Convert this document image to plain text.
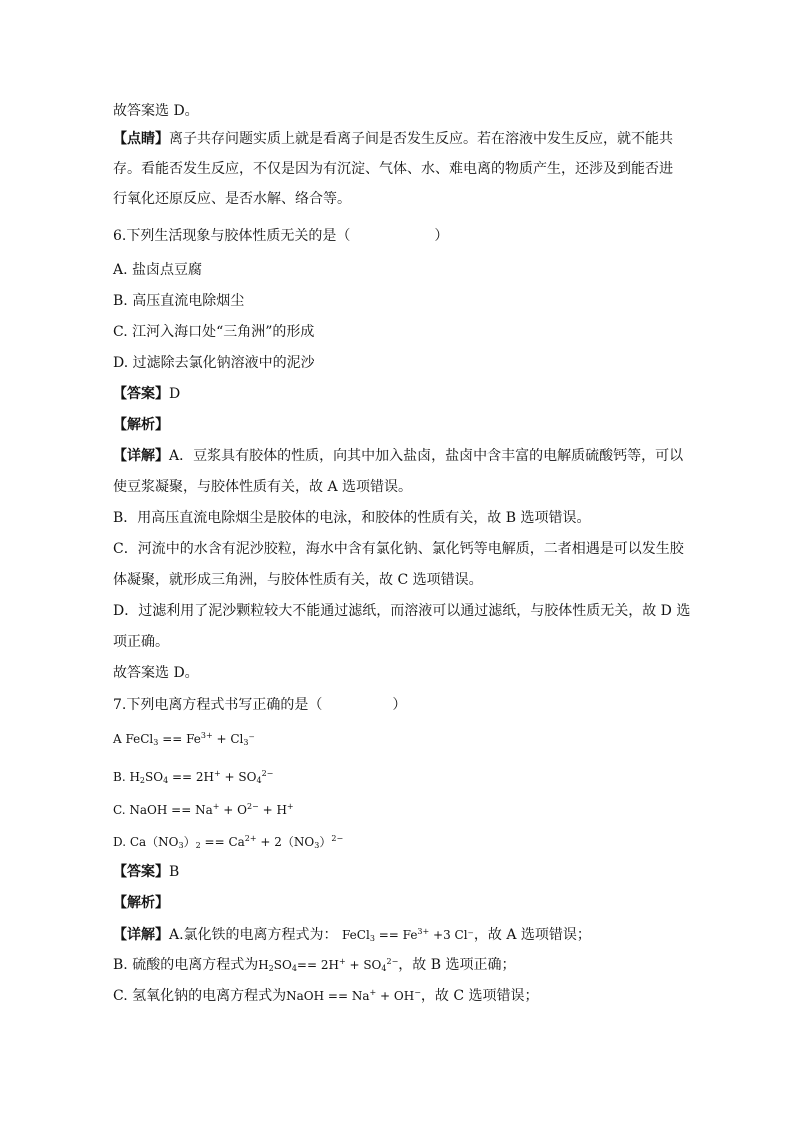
故答案选 D。
【点睛】离子共存问题实质上就是看离子间是否发生反应。若在溶液中发生反应，就不能共
存。看能否发生反应，不仅是因为有沉淀、气体、水、难电离的物质产生，还涉及到能否进
行氧化还原反应、是否水解、络合等。
6.下列生活现象与胶体性质无关的是（　　　　　　）
A. 盐卤点豆腐
B. 高压直流电除烟尘
C. 江河入海口处“三角洲”的形成
D. 过滤除去氯化钠溶液中的泥沙
【答案】D
【解析】
【详解】A．豆浆具有胶体的性质，向其中加入盐卤，盐卤中含丰富的电解质硫酸钙等，可以
使豆浆凝聚，与胶体性质有关，故 A 选项错误。
B．用高压直流电除烟尘是胶体的电泳，和胶体的性质有关，故 B 选项错误。
C．河流中的水含有泥沙胶粒，海水中含有氯化钠、氯化钙等电解质，二者相遇是可以发生胶
体凝聚，就形成三角洲，与胶体性质有关，故 C 选项错误。
D．过滤利用了泥沙颗粒较大不能通过滤纸，而溶液可以通过滤纸，与胶体性质无关，故 D 选
项正确。
故答案选 D。
7.下列电离方程式书写正确的是（　　　　　）
A FeCl$_3$ == $Fe^{3+} + Cl_3^-$
B. $H_2SO_4 == 2H^+ + SO_4^{2-}$
C. NaOH == $Na^+ + O^{2-} + H^+$
D. $Ca(NO_3)_2 == Ca^{2+} + 2(NO_3)^{2-}$
【答案】B
【解析】
【详解】A.氯化铁的电离方程式为： FeCl$_3$ == $Fe^{3+} +3$ Cl⁻，故 A 选项错误；
B. 硫酸的电离方程式为$H_2SO_4== 2H^+ + SO_4^{2-}$，故 B 选项正确；
C. 氢氧化钠的电离方程式为NaOH == Na+ + OH−，故 C 选项错误；
